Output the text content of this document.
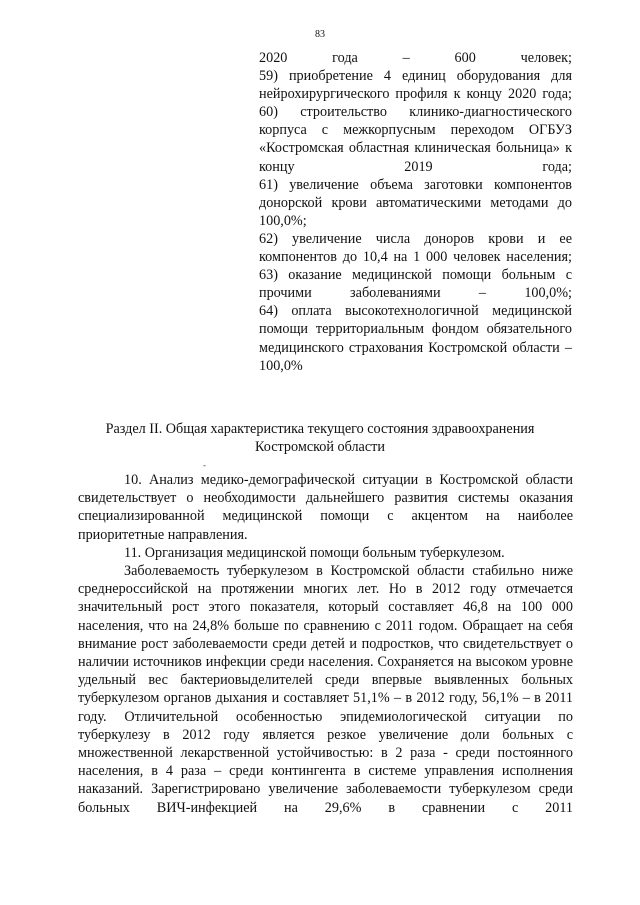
83

2020 года – 600 человек;

59) приобретение 4 единиц оборудования для нейрохирургического профиля к концу 2020 года;

60) строительство клинико-диагностического корпуса с межкорпусным переходом ОГБУЗ «Костромская областная клиническая больница» к концу 2019 года;

61) увеличение объема заготовки компонентов донорской крови автоматическими методами до 100,0%;

62) увеличение числа доноров крови и ее компонентов до 10,4 на 1 000 человек населения;

63) оказание медицинской помощи больным с прочими заболеваниями – 100,0%;

64) оплата высокотехнологичной медицинской помощи территориальным фондом обязательного медицинского страхования Костромской области – 100,0%

Раздел II. Общая характеристика текущего состояния здравоохранения

Костромской области

-

10. Анализ медико-демографической ситуации в Костромской области свидетельствует о необходимости дальнейшего развития системы оказания специализированной медицинской помощи с акцентом на наиболее приоритетные направления.

11. Организация медицинской помощи больным туберкулезом.

Заболеваемость туберкулезом в Костромской области стабильно ниже среднероссийской на протяжении многих лет. Но в 2012 году отмечается значительный рост этого показателя, который составляет 46,8 на 100 000 населения, что на 24,8% больше по сравнению с 2011 годом. Обращает на себя внимание рост заболеваемости среди детей и подростков, что свидетельствует о наличии источников инфекции среди населения. Сохраняется на высоком уровне удельный вес бактериовыделителей среди впервые выявленных больных туберкулезом органов дыхания и составляет 51,1% – в 2012 году, 56,1% – в 2011 году. Отличительной особенностью эпидемиологической ситуации по туберкулезу в 2012 году является резкое увеличение доли больных с множественной лекарственной устойчивостью: в 2 раза - среди постоянного населения, в 4 раза – среди контингента в системе управления исполнения наказаний. Зарегистрировано увеличение заболеваемости туберкулезом среди больных ВИЧ-инфекцией на 29,6% в сравнении с 2011
